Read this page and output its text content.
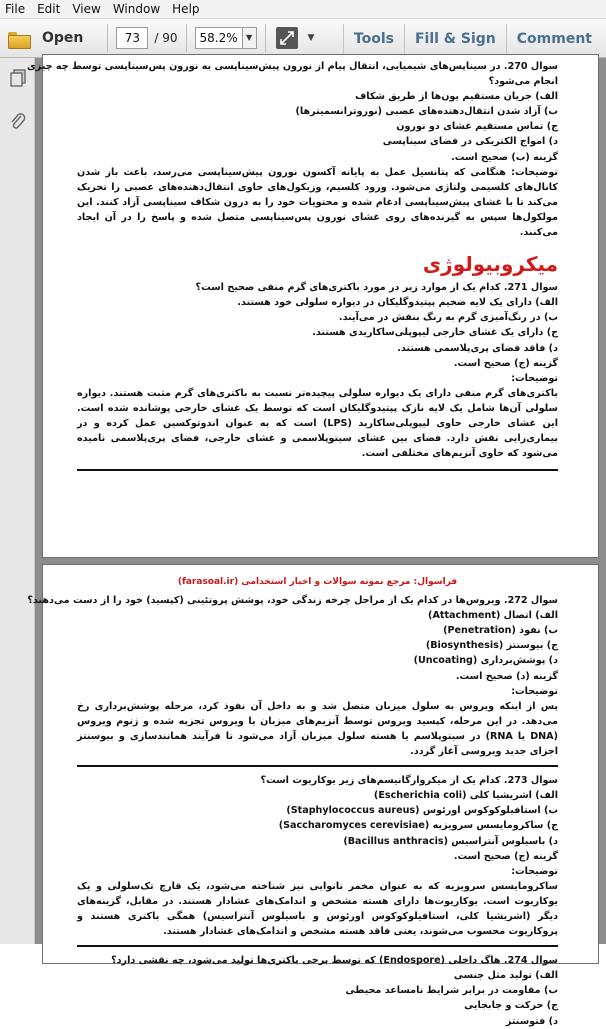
File	Edit	View	Window	Help
Open	73	/ 90	58.2%	▼	▼	Tools	Fill & Sign	Comment

سوال 270. در سیناپس‌های شیمیایی، انتقال پیام از نورون پیش‌سیناپسی به نورون پس‌سیناپسی توسط چه چیزی

انجام می‌شود؟

الف) جریان مستقیم یون‌ها از طریق شکاف

ب) آزاد شدن انتقال‌دهنده‌های عصبی (نوروترانسمیترها)

ج) تماس مستقیم غشای دو نورون

د) امواج الکتریکی در فضای سیناپسی

گزینه (ب) صحیح است.

توضیحات: هنگامی که پتانسیل عمل به پایانه آکسون نورون پیش‌سیناپسی می‌رسد، باعث باز شدن کانال‌های کلسیمی ولتاژی می‌شود. ورود کلسیم، وزیکول‌های حاوی انتقال‌دهنده‌های عصبی را تحریک می‌کند تا با غشای پیش‌سیناپسی ادغام شده و محتویات خود را به درون شکاف سیناپسی آزاد کنند. این مولکول‌ها سپس به گیرنده‌های روی غشای نورون پس‌سیناپسی متصل شده و پاسخ را در آن ایجاد می‌کنند.

میکروبیولوژی

سوال 271. کدام یک از موارد زیر در مورد باکتری‌های گرم منفی صحیح است؟

الف) دارای یک لایه ضخیم پپتیدوگلیکان در دیواره سلولی خود هستند.

ب) در رنگ‌آمیزی گرم به رنگ بنفش در می‌آیند.

ج) دارای یک غشای خارجی لیپوپلی‌ساکاریدی هستند.

د) فاقد فضای پری‌پلاسمی هستند.

گزینه (ج) صحیح است.

توضیحات:

باکتری‌های گرم منفی دارای یک دیواره سلولی پیچیده‌تر نسبت به باکتری‌های گرم مثبت هستند. دیواره سلولی آن‌ها شامل یک لایه نازک پپتیدوگلیکان است که توسط یک غشای خارجی پوشانده شده است. این غشای خارجی حاوی لیپوپلی‌ساکارید (LPS) است که به عنوان اندوتوکسین عمل کرده و در بیماری‌زایی نقش دارد. فضای بین غشای سیتوپلاسمی و غشای خارجی، فضای پری‌پلاسمی نامیده می‌شود که حاوی آنزیم‌های مختلفی است.

فراسوال: مرجع نمونه سوالات و اخبار استخدامی (farasoal.ir)

سوال 272. ویروس‌ها در کدام یک از مراحل چرخه زندگی خود، پوشش پروتئینی (کپسید) خود را از دست می‌دهند؟

الف) اتصال (Attachment)

ب) نفوذ (Penetration)

ج) بیوسنتز (Biosynthesis)

د) پوشش‌برداری (Uncoating)

گزینه (د) صحیح است.

توضیحات:

پس از اینکه ویروس به سلول میزبان متصل شد و به داخل آن نفوذ کرد، مرحله پوشش‌برداری رخ می‌دهد. در این مرحله، کپسید ویروس توسط آنزیم‌های میزبان یا ویروس تجزیه شده و ژنوم ویروس (DNA یا RNA) در سیتوپلاسم یا هسته سلول میزبان آزاد می‌شود تا فرآیند همانندسازی و بیوسنتز اجزای جدید ویروسی آغاز گردد.

سوال 273. کدام یک از میکروارگانیسم‌های زیر یوکاریوت است؟

الف) اشریشیا کلی (Escherichia coli)

ب) استافیلوکوکوس اورئوس (Staphylococcus aureus)

ج) ساکرومایسس سرویزیه (Saccharomyces cerevisiae)

د) باسیلوس آنتراسیس (Bacillus anthracis)

گزینه (ج) صحیح است.

توضیحات:

ساکرومایسس سرویزیه که به عنوان مخمر نانوایی نیز شناخته می‌شود، یک قارچ تک‌سلولی و یک یوکاریوت است. یوکاریوت‌ها دارای هسته مشخص و اندامک‌های غشادار هستند. در مقابل، گزینه‌های دیگر (اشریشیا کلی، استافیلوکوکوس اورئوس و باسیلوس آنتراسیس) همگی باکتری هستند و پروکاریوت محسوب می‌شوند، یعنی فاقد هسته مشخص و اندامک‌های غشادار هستند.

سوال 274. هاگ داخلی (Endospore) که توسط برخی باکتری‌ها تولید می‌شود، چه نقشی دارد؟

الف) تولید مثل جنسی

ب) مقاومت در برابر شرایط نامساعد محیطی

ج) حرکت و جابجایی

د) فتوسنتز
